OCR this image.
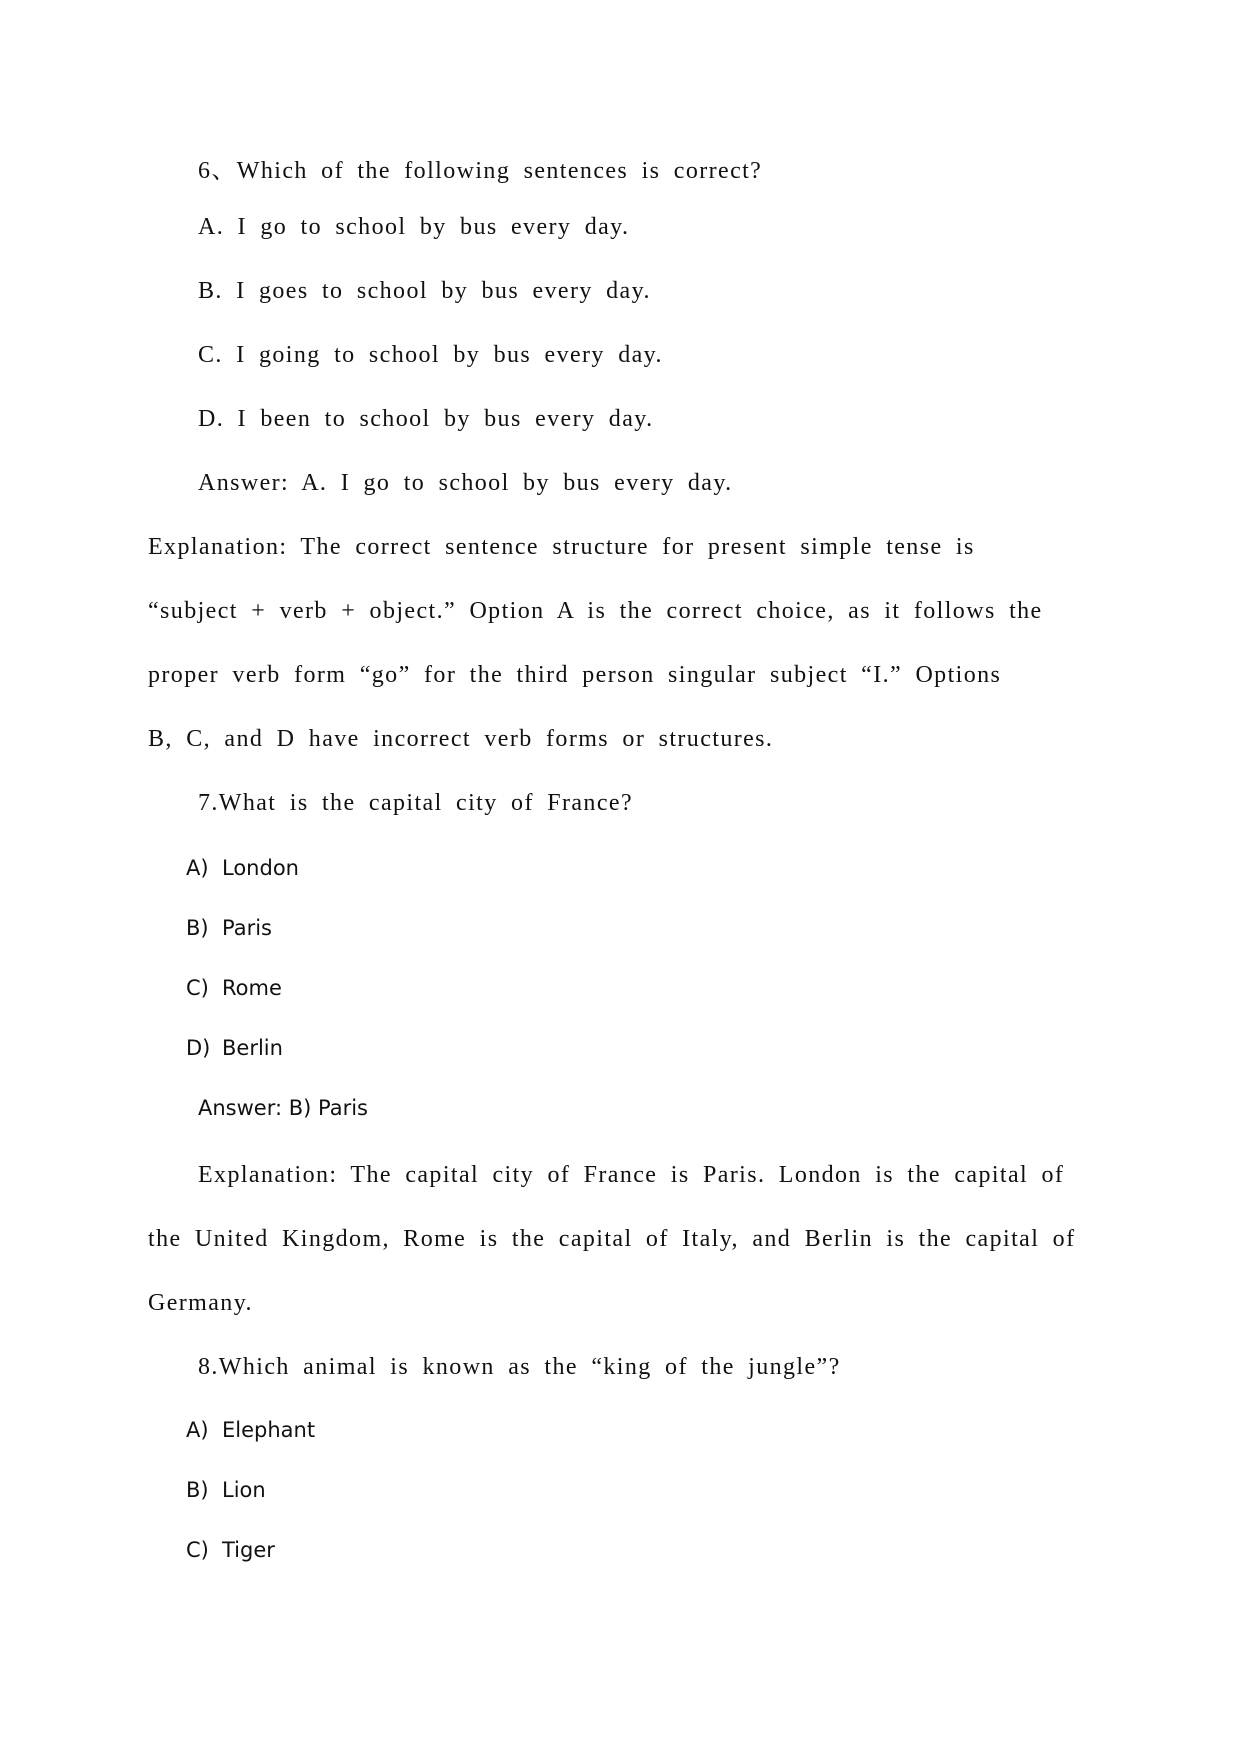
6、Which of the following sentences is correct?

A. I go to school by bus every day.

B. I goes to school by bus every day.

C. I going to school by bus every day.

D. I been to school by bus every day.

Answer: A. I go to school by bus every day.

Explanation: The correct sentence structure for present simple tense is

“subject + verb + object.” Option A is the correct choice, as it follows the

proper verb form “go” for the third person singular subject “I.” Options

B, C, and D have incorrect verb forms or structures.

7.What is the capital city of France?

A) London

B) Paris

C) Rome

D) Berlin

Answer: B) Paris

Explanation: The capital city of France is Paris. London is the capital of

the United Kingdom, Rome is the capital of Italy, and Berlin is the capital of

Germany.

8.Which animal is known as the “king of the jungle”?

A) Elephant

B) Lion

C) Tiger
